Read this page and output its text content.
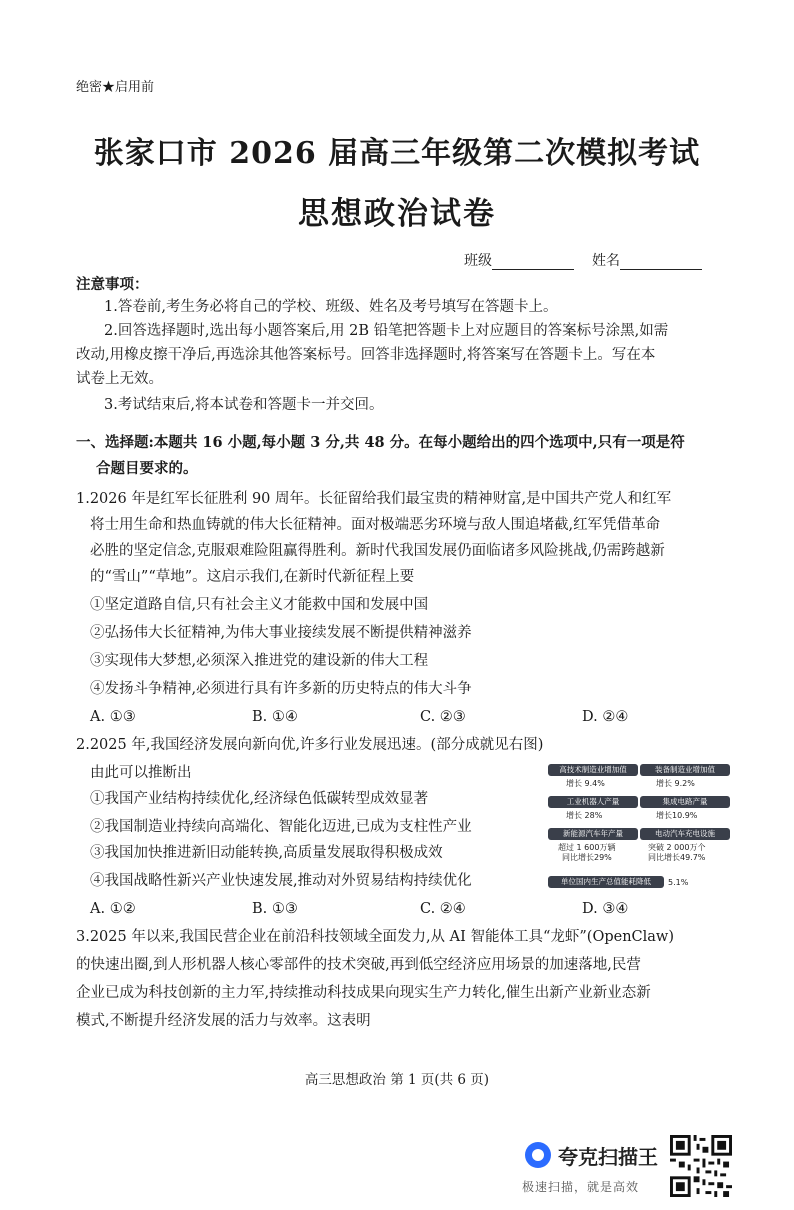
绝密★启用前
张家口市 2026 届高三年级第二次模拟考试
思想政治试卷
班级	姓名
注意事项：
1.答卷前,考生务必将自己的学校、班级、姓名及考号填写在答题卡上。
2.回答选择题时,选出每小题答案后,用 2B 铅笔把答题卡上对应题目的答案标号涂黑,如需
改动,用橡皮擦干净后,再选涂其他答案标号。回答非选择题时,将答案写在答题卡上。写在本
试卷上无效。
3.考试结束后,将本试卷和答题卡一并交回。
一、选择题:本题共 16 小题,每小题 3 分,共 48 分。在每小题给出的四个选项中,只有一项是符
合题目要求的。
1.2026 年是红军长征胜利 90 周年。长征留给我们最宝贵的精神财富,是中国共产党人和红军
将士用生命和热血铸就的伟大长征精神。面对极端恶劣环境与敌人围追堵截,红军凭借革命
必胜的坚定信念,克服艰难险阻赢得胜利。新时代我国发展仍面临诸多风险挑战,仍需跨越新
的“雪山”“草地”。这启示我们,在新时代新征程上要
①坚定道路自信,只有社会主义才能救中国和发展中国
②弘扬伟大长征精神,为伟大事业接续发展不断提供精神滋养
③实现伟大梦想,必须深入推进党的建设新的伟大工程
④发扬斗争精神,必须进行具有许多新的历史特点的伟大斗争
A. ①③	B. ①④	C. ②③	D. ②④
2.2025 年,我国经济发展向新向优,许多行业发展迅速。(部分成就见右图)
由此可以推断出
①我国产业结构持续优化,经济绿色低碳转型成效显著
②我国制造业持续向高端化、智能化迈进,已成为支柱性产业
③我国加快推进新旧动能转换,高质量发展取得积极成效
④我国战略性新兴产业快速发展,推动对外贸易结构持续优化
A. ①②	B. ①③	C. ②④	D. ③④
高技术制造业增加值
增长 9.4%
装备制造业增加值
增长 9.2%
工业机器人产量
增长 28%
集成电路产量
增长10.9%
新能源汽车年产量
超过 1 600万辆
同比增长29%
电动汽车充电设施
突破 2 000万个
同比增长49.7%
单位国内生产总值能耗降低	5.1%
3.2025 年以来,我国民营企业在前沿科技领域全面发力,从 AI 智能体工具“龙虾”(OpenClaw)
的快速出圈,到人形机器人核心零部件的技术突破,再到低空经济应用场景的加速落地,民营
企业已成为科技创新的主力军,持续推动科技成果向现实生产力转化,催生出新产业新业态新
模式,不断提升经济发展的活力与效率。这表明
高三思想政治 第 1 页(共 6 页)
夸克扫描王
极速扫描，就是高效
